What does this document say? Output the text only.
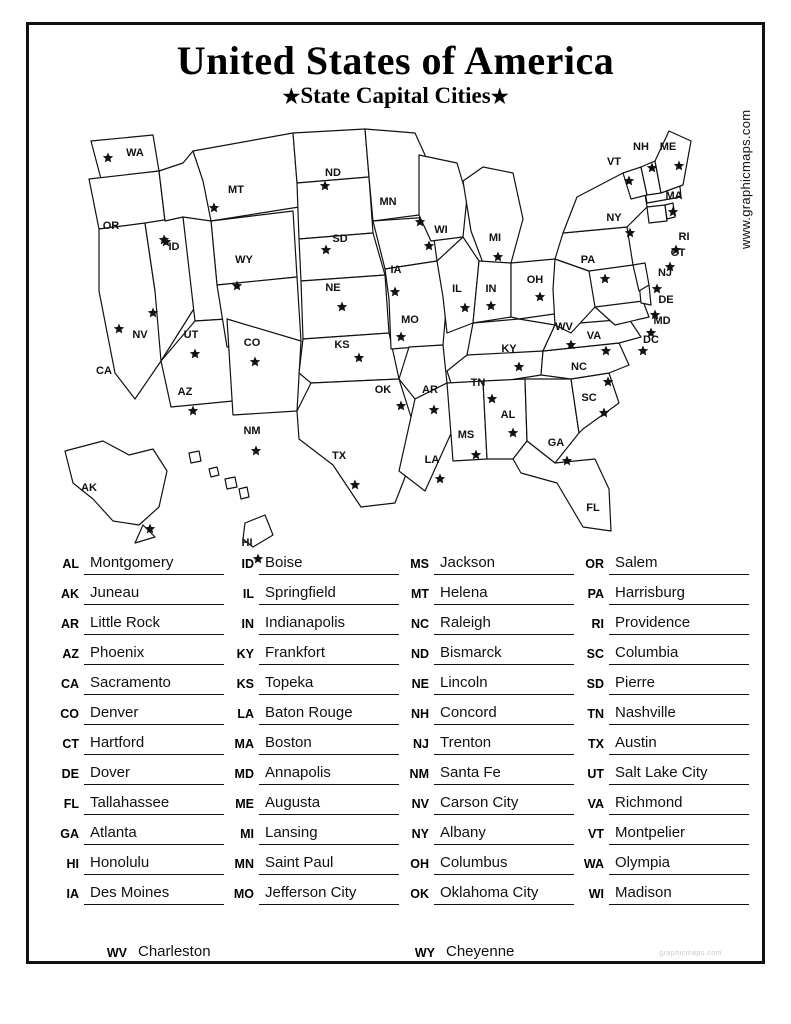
United States of America
★State Capital Cities★
www.graphicmaps.com
WA
OR
ID
MT
ND
SD
WY
NE
MN
WI
IA
IL
MI
IN
OH
MO
KS
CO
UT
NV
CA
AZ
NM
OK
TX
AR
LA
MS
AL
TN
KY
WV
VA
NC
SC
GA
FL
PA
NY
VT
NH ME
MA
RI
CT
NJ
DE
MD
DC
AK
HI
AL Montgomery
AK Juneau
AR Little Rock
AZ Phoenix
CA Sacramento
CO Denver
CT Hartford
DE Dover
FL Tallahassee
GA Atlanta
HI Honolulu
IA Des Moines
ID Boise
IL Springfield
IN Indianapolis
KY Frankfort
KS Topeka
LA Baton Rouge
MA Boston
MD Annapolis
ME Augusta
MI Lansing
MN Saint Paul
MO Jefferson City
MS Jackson
MT Helena
NC Raleigh
ND Bismarck
NE Lincoln
NH Concord
NJ Trenton
NM Santa Fe
NV Carson City
NY Albany
OH Columbus
OK Oklahoma City
OR Salem
PA Harrisburg
RI Providence
SC Columbia
SD Pierre
TN Nashville
TX Austin
UT Salt Lake City
VA Richmond
VT Montpelier
WA Olympia
WI Madison
WV Charleston	WY Cheyenne	graphicmaps.com
